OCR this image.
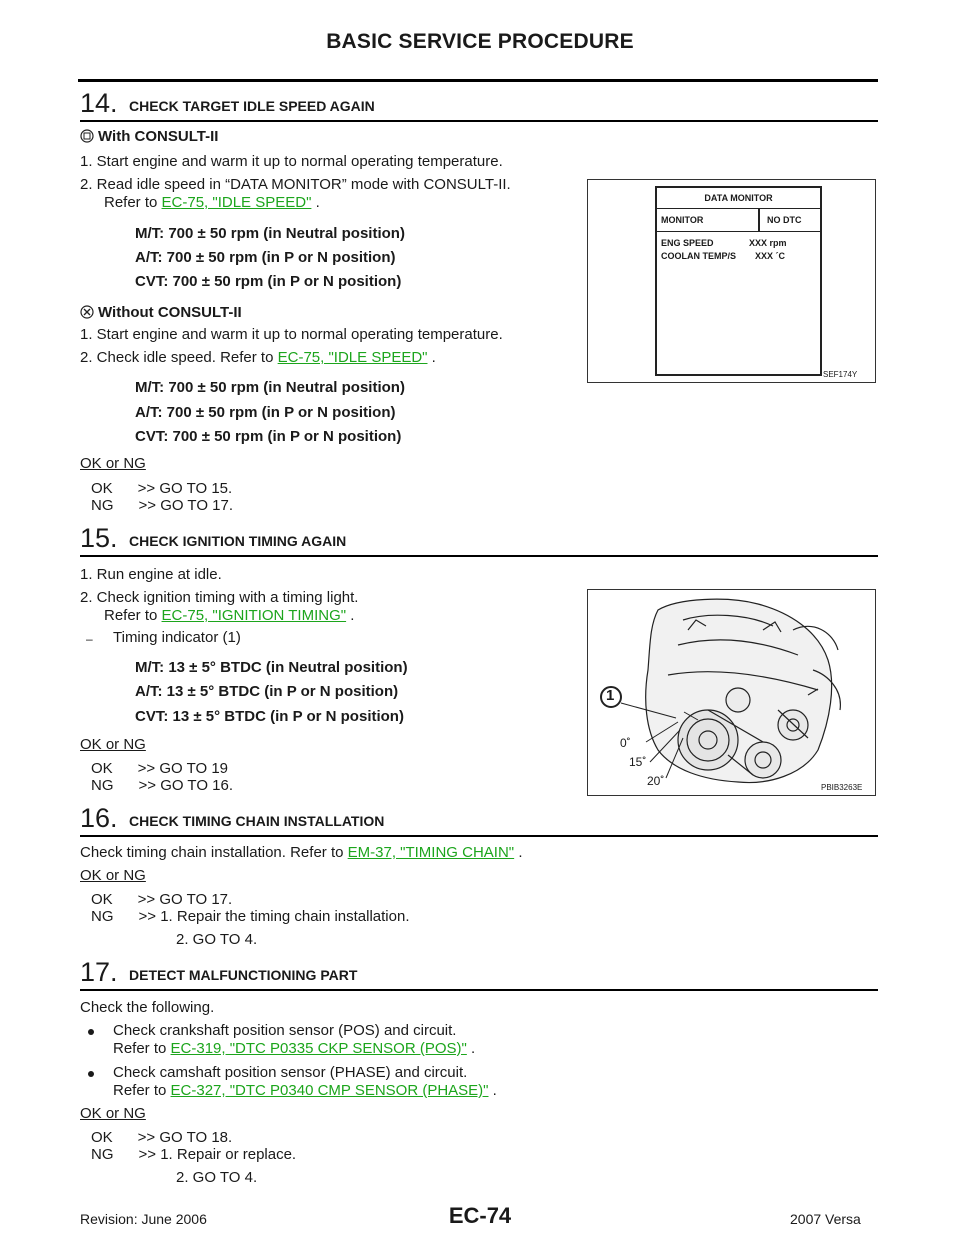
BASIC SERVICE PROCEDURE
14. CHECK TARGET IDLE SPEED AGAIN
With CONSULT-II
1. Start engine and warm it up to normal operating temperature.
2. Read idle speed in “DATA MONITOR” mode with CONSULT-II.
Refer to EC-75, "IDLE SPEED" .
M/T: 700 ± 50 rpm (in Neutral position)
A/T: 700 ± 50 rpm (in P or N position)
CVT: 700 ± 50 rpm (in P or N position)
Without CONSULT-II
1. Start engine and warm it up to normal operating temperature.
2. Check idle speed. Refer to EC-75, "IDLE SPEED" .
M/T: 700 ± 50 rpm (in Neutral position)
A/T: 700 ± 50 rpm (in P or N position)
CVT: 700 ± 50 rpm (in P or N position)
OK or NG
OK      >> GO TO 15.
NG      >> GO TO 17.
DATA MONITOR
MONITOR	NO DTC
ENG SPEED	XXX rpm
COOLAN TEMP/S XXX ´C
SEF174Y
15. CHECK IGNITION TIMING AGAIN
1. Run engine at idle.
2. Check ignition timing with a timing light.
Refer to EC-75, "IGNITION TIMING" .
– Timing indicator (1)
M/T: 13 ± 5° BTDC (in Neutral position)
A/T: 13 ± 5° BTDC (in P or N position)
CVT: 13 ± 5° BTDC (in P or N position)
OK or NG
OK      >> GO TO 19
NG      >> GO TO 16.
1
0˚
15˚
20˚	PBIB3263E
16. CHECK TIMING CHAIN INSTALLATION
Check timing chain installation. Refer to EM-37, "TIMING CHAIN" .
OK or NG
OK      >> GO TO 17.
NG      >> 1. Repair the timing chain installation.
2. GO TO 4.
17. DETECT MALFUNCTIONING PART
Check the following.
Check crankshaft position sensor (POS) and circuit.
Refer to EC-319, "DTC P0335 CKP SENSOR (POS)" .
Check camshaft position sensor (PHASE) and circuit.
Refer to EC-327, "DTC P0340 CMP SENSOR (PHASE)" .
OK or NG
OK      >> GO TO 18.
NG      >> 1. Repair or replace.
2. GO TO 4.
Revision: June 2006	EC-74	2007 Versa
